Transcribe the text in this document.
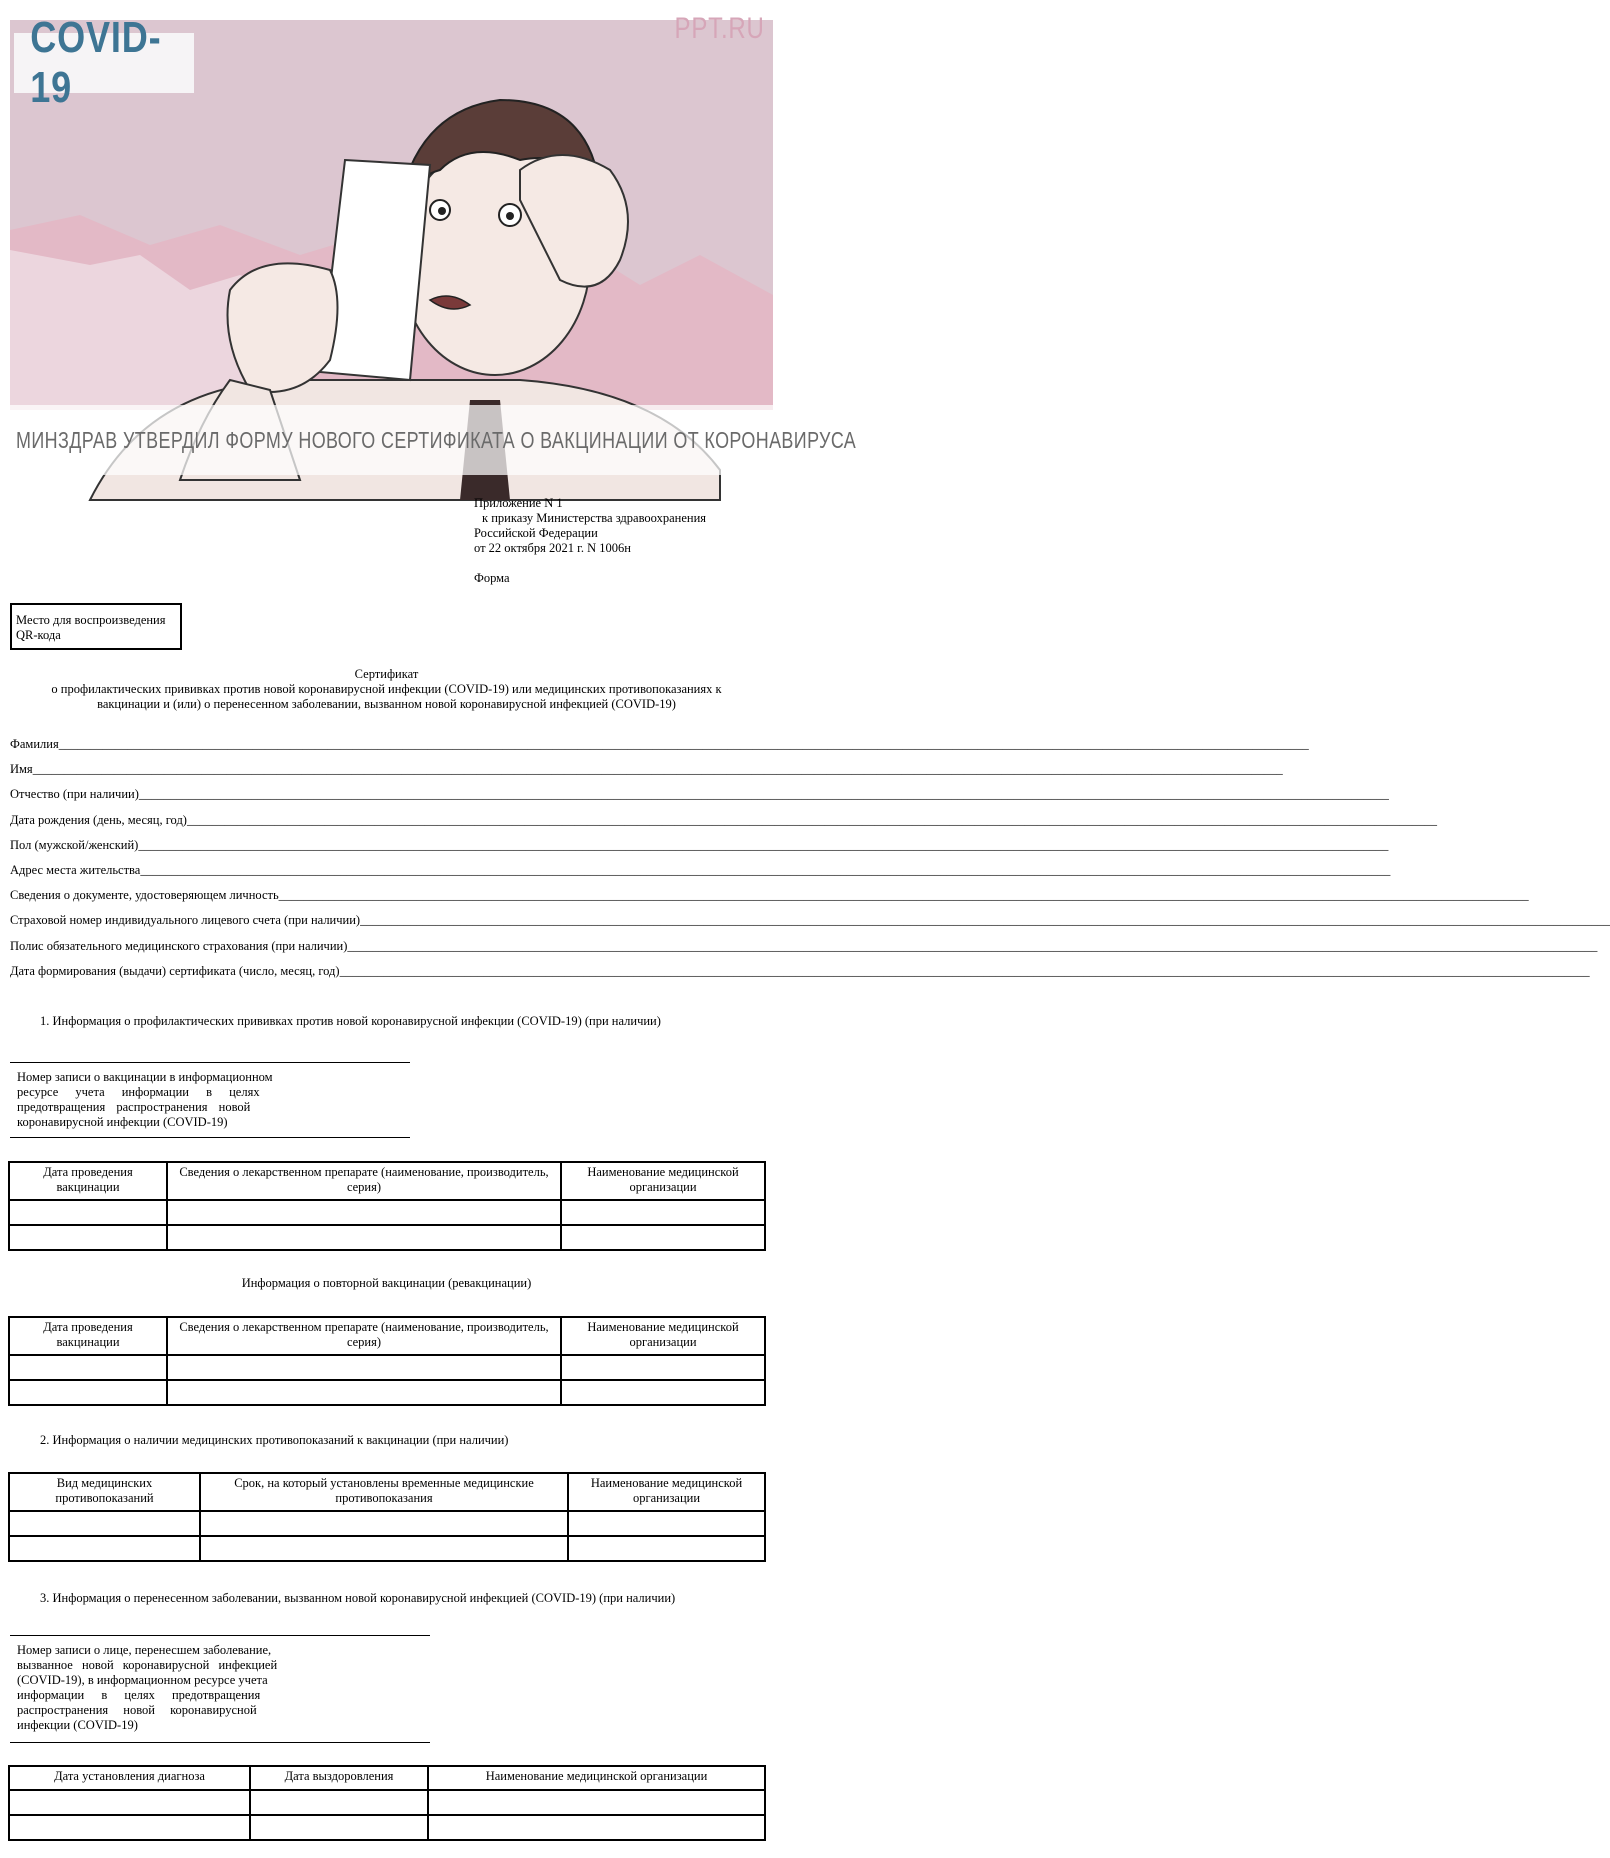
COVID-19
PPT.RU
МИНЗДРАВ УТВЕРДИЛ ФОРМУ НОВОГО СЕРТИФИКАТА О ВАКЦИНАЦИИ ОТ КОРОНАВИРУСА
Приложение N 1
к приказу Министерства здравоохранения
Российской Федерации
от 22 октября 2021 г. N 1006н
Форма
Место для воспроизведения
QR-кода
Сертификат
о профилактических прививках против новой коронавирусной инфекции (COVID-19) или медицинских противопоказаниях к
вакцинации и (или) о перенесенном заболевании, вызванном новой коронавирусной инфекцией (COVID-19)
Фамилия________________________________________________________________________________________________________________________________________________________________________________________________________
Имя________________________________________________________________________________________________________________________________________________________________________________________________________
Отчество (при наличии)________________________________________________________________________________________________________________________________________________________________________________________________________
Дата рождения (день, месяц, год)________________________________________________________________________________________________________________________________________________________________________________________________________
Пол (мужской/женский)________________________________________________________________________________________________________________________________________________________________________________________________________
Адрес места жительства________________________________________________________________________________________________________________________________________________________________________________________________________
Сведения о документе, удостоверяющем личность________________________________________________________________________________________________________________________________________________________________________________________________________
Страховой номер индивидуального лицевого счета (при наличии)________________________________________________________________________________________________________________________________________________________________________________________________________
Полис обязательного медицинского страхования (при наличии)________________________________________________________________________________________________________________________________________________________________________________________________________
Дата формирования (выдачи) сертификата (число, месяц, год)________________________________________________________________________________________________________________________________________________________________________________________________________
1. Информация о профилактических прививках против новой коронавирусной инфекции (COVID-19) (при наличии)
Номер записи о вакцинации в информационном
ресурсе учета информации в целях
предотвращения распространения новой
коронавирусной инфекции (COVID-19)
Дата проведения вакцинации	Сведения о лекарственном препарате (наименование, производитель, серия)	Наименование медицинской организации

Информация о повторной вакцинации (ревакцинации)
Дата проведения вакцинации	Сведения о лекарственном препарате (наименование, производитель, серия)	Наименование медицинской организации

2. Информация о наличии медицинских противопоказаний к вакцинации (при наличии)
Вид медицинских противопоказаний	Срок, на который установлены временные медицинские противопоказания	Наименование медицинской организации

3. Информация о перенесенном заболевании, вызванном новой коронавирусной инфекцией (COVID-19) (при наличии)
Номер записи о лице, перенесшем заболевание,
вызванное новой коронавирусной инфекцией
(COVID-19), в информационном ресурсе учета
информации в целях предотвращения
распространения новой коронавирусной
инфекции (COVID-19)
Дата установления диагноза	Дата выздоровления	Наименование медицинской организации
